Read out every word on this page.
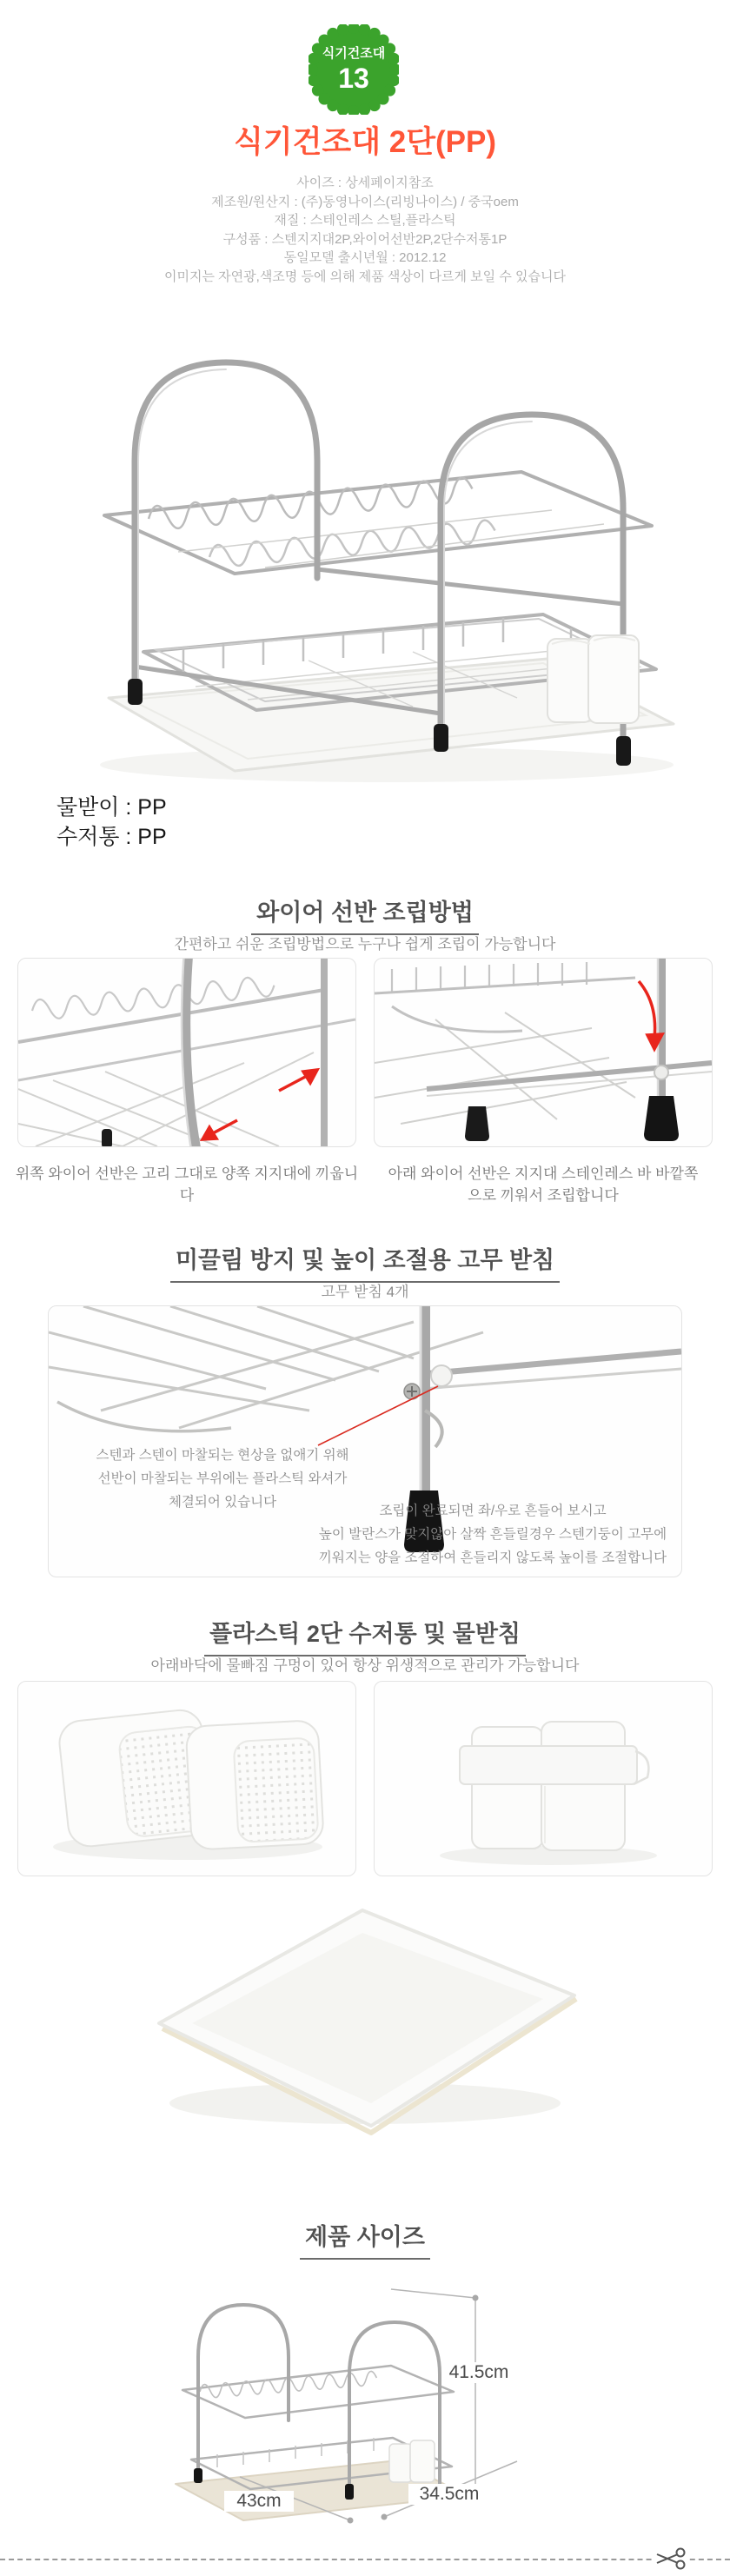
식기건조대
13
식기건조대 2단(PP)
사이즈 : 상세페이지참조
제조원/원산지 : (주)동영나이스(리빙나이스) / 중국oem
재질 : 스테인레스 스틸,플라스틱
구성품 : 스텐지지대2P,와이어선반2P,2단수저통1P
동일모델 출시년월 : 2012.12
이미지는 자연광,색조명 등에 의해 제품 색상이 다르게 보일 수 있습니다
물받이 : PP
수저통 : PP
와이어 선반 조립방법
간편하고 쉬운 조립방법으로 누구나 쉽게 조립이 가능합니다
위쪽 와이어 선반은 고리 그대로 양쪽 지지대에 끼웁니다
아래 와이어 선반은 지지대 스테인레스 바 바깥쪽으로 끼워서 조립합니다
미끌림 방지 및 높이 조절용 고무 받침
고무 받침 4개
스텐과 스텐이 마찰되는 현상을 없애기 위해
선반이 마찰되는 부위에는 플라스틱 와셔가
체결되어 있습니다
조립이 완료되면 좌/우로 흔들어 보시고
높이 발란스가 맞지않아 살짝 흔들릴경우 스텐기둥이 고무에
끼워지는 양을 조절하여 흔들리지 않도록 높이를 조절합니다
플라스틱 2단 수저통 및 물받침
아래바닥에 물빠짐 구멍이 있어 항상 위생적으로 관리가 가능합니다
제품 사이즈
41.5cm
43cm	34.5cm
